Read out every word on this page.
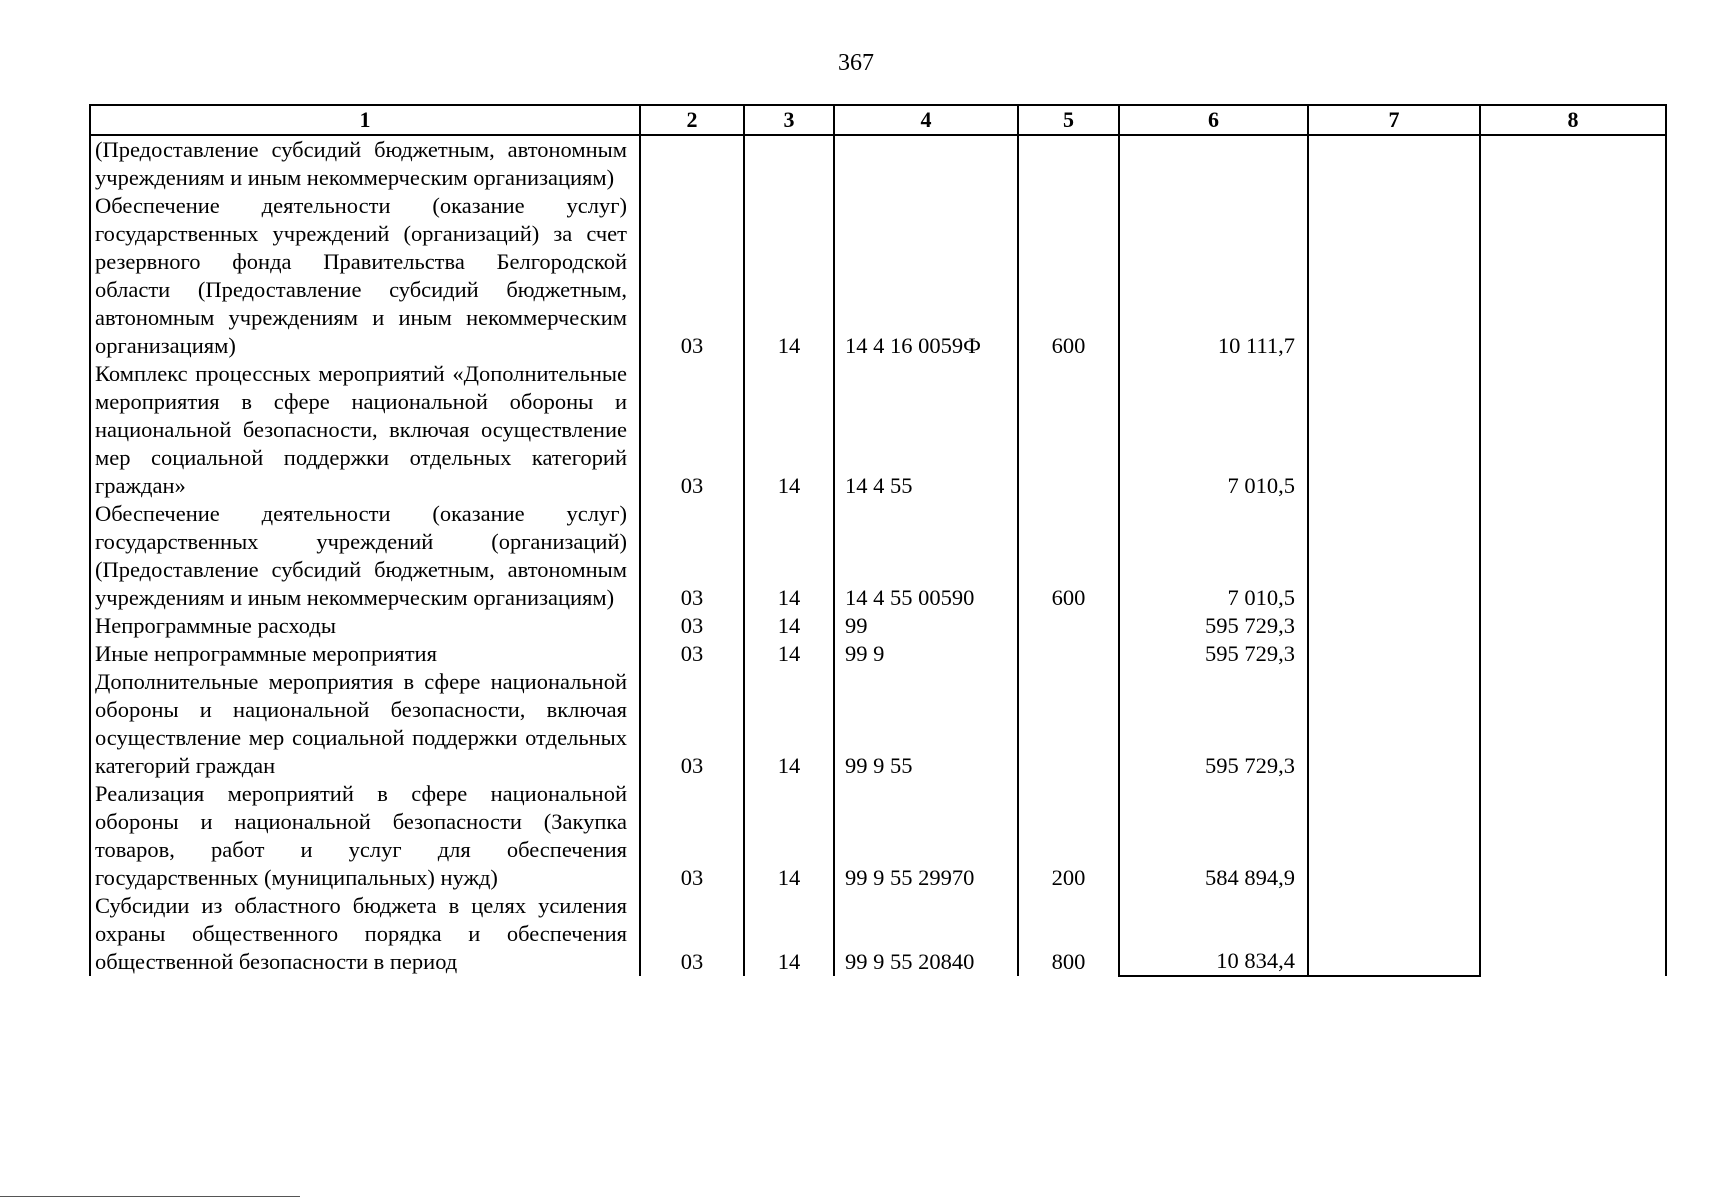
367
1	2	3	4	5	6	7	8
(Предоставление субсидий бюджетным, автономным учреждениям и иным некоммерческим организациям)							
Обеспечение деятельности (оказание услуг) государственных учреждений (организаций) за счет резервного фонда Правительства Белгородской области (Предоставление субсидий бюджетным, автономным учреждениям и иным некоммерческим организациям)	03	14	14 4 16 0059Ф	600	10 111,7		
Комплекс процессных мероприятий «Дополнительные мероприятия в сфере национальной обороны и национальной безопасности, включая осуществление мер социальной поддержки отдельных категорий граждан»	03	14	14 4 55		7 010,5		
Обеспечение деятельности (оказание услуг) государственных учреждений (организаций) (Предоставление субсидий бюджетным, автономным учреждениям и иным некоммерческим организациям)	03	14	14 4 55 00590	600	7 010,5		
Непрограммные расходы	03	14	99		595 729,3		
Иные непрограммные мероприятия	03	14	99 9		595 729,3		
Дополнительные мероприятия в сфере национальной обороны и национальной безопасности, включая осуществление мер социальной поддержки отдельных категорий граждан	03	14	99 9 55		595 729,3		
Реализация мероприятий в сфере национальной обороны и национальной безопасности (Закупка товаров, работ и услуг для обеспечения государственных (муниципальных) нужд)	03	14	99 9 55 29970	200	584 894,9		
Субсидии из областного бюджета в целях усиления охраны общественного порядка и обеспечения общественной безопасности в период	03	14	99 9 55 20840	800	10 834,4		
